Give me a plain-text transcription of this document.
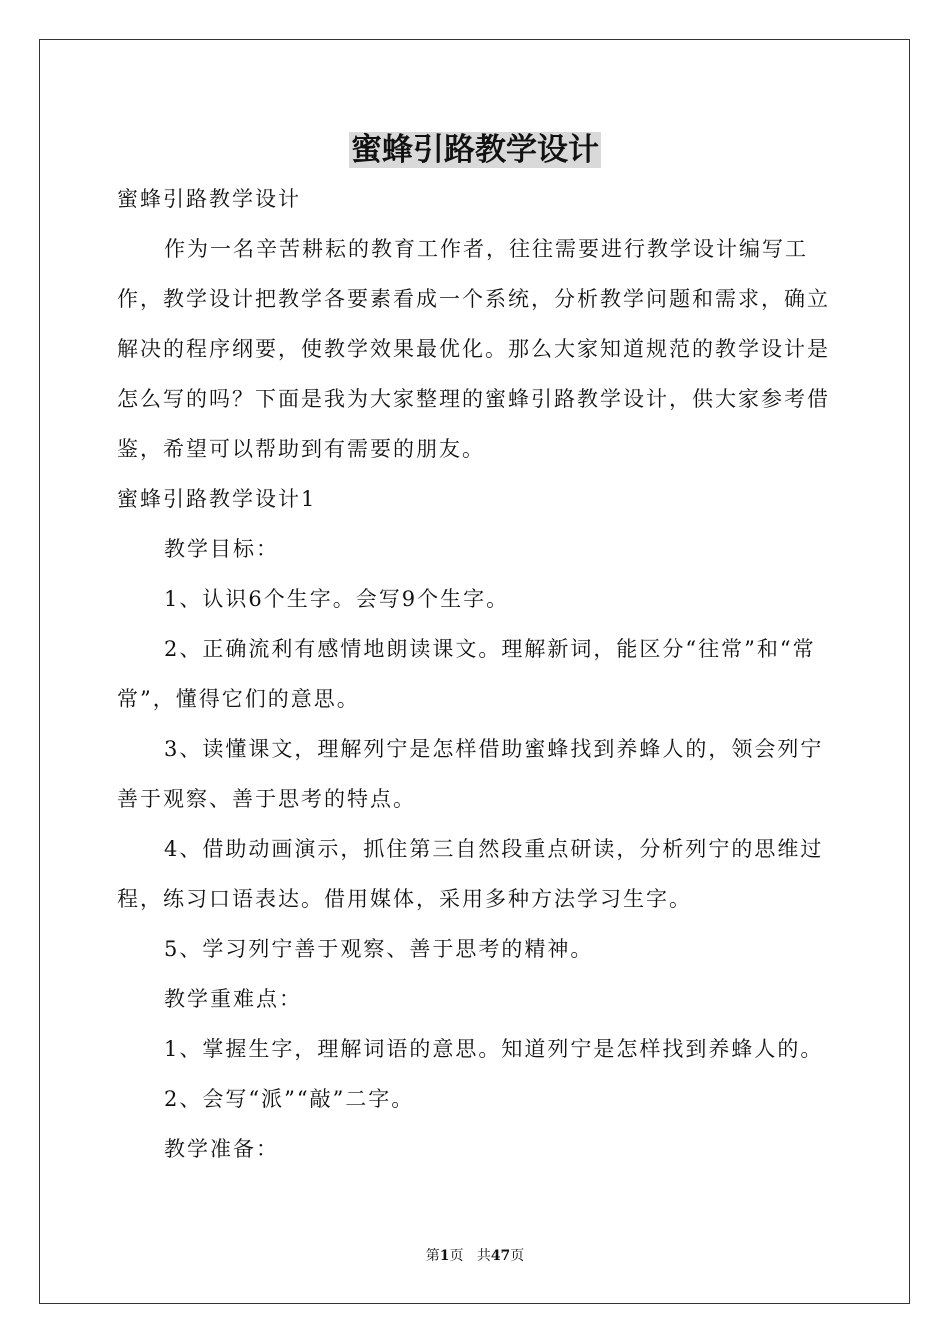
蜜蜂引路教学设计

蜜蜂引路教学设计

作为一名辛苦耕耘的教育工作者，往往需要进行教学设计编写工作，教学设计把教学各要素看成一个系统，分析教学问题和需求，确立解决的程序纲要，使教学效果最优化。那么大家知道规范的教学设计是怎么写的吗？下面是我为大家整理的蜜蜂引路教学设计，供大家参考借鉴，希望可以帮助到有需要的朋友。

蜜蜂引路教学设计1

教学目标：

1、认识6个生字。会写9个生字。

2、正确流利有感情地朗读课文。理解新词，能区分“往常”和“常常”，懂得它们的意思。

3、读懂课文，理解列宁是怎样借助蜜蜂找到养蜂人的，领会列宁善于观察、善于思考的特点。

4、借助动画演示，抓住第三自然段重点研读，分析列宁的思维过程，练习口语表达。借用媒体，采用多种方法学习生字。

5、学习列宁善于观察、善于思考的精神。

教学重难点：

1、掌握生字，理解词语的意思。知道列宁是怎样找到养蜂人的。

2、会写“派”“敲”二字。

教学准备：

第1页 共47页
